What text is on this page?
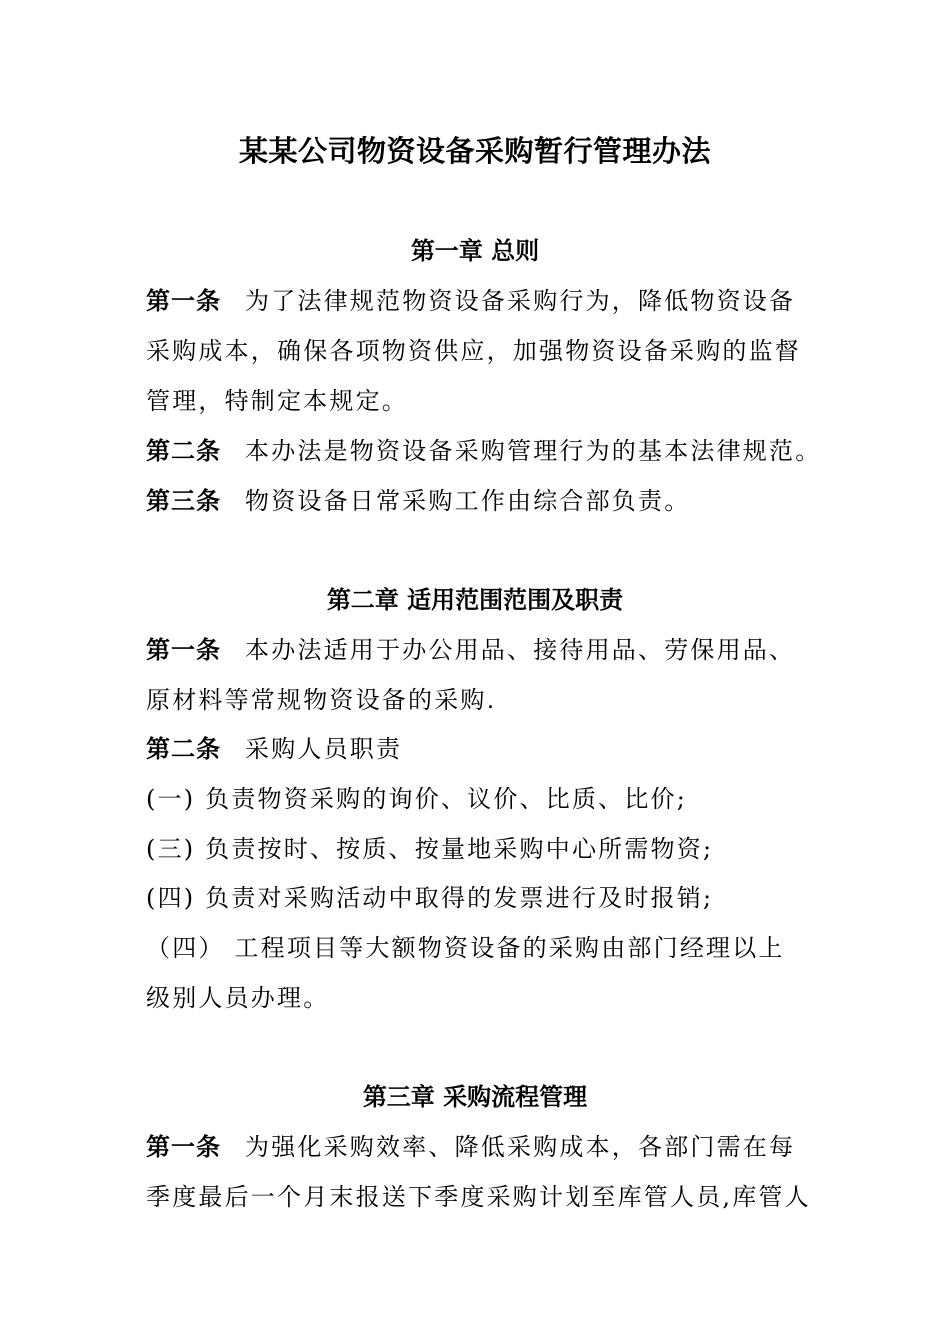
某某公司物资设备采购暂行管理办法
第一章 总则
第一条 为了法律规范物资设备采购行为，降低物资设备
采购成本，确保各项物资供应，加强物资设备采购的监督
管理，特制定本规定。
第二条 本办法是物资设备采购管理行为的基本法律规范。
第三条 物资设备日常采购工作由综合部负责。
第二章 适用范围范围及职责
第一条 本办法适用于办公用品、接待用品、劳保用品、
原材料等常规物资设备的采购.
第二条 采购人员职责
(一) 负责物资采购的询价、议价、比质、比价;
(三) 负责按时、按质、按量地采购中心所需物资;
(四) 负责对采购活动中取得的发票进行及时报销;
（四） 工程项目等大额物资设备的采购由部门经理以上
级别人员办理。
第三章 采购流程管理
第一条 为强化采购效率、降低采购成本，各部门需在每
季度最后一个月末报送下季度采购计划至库管人员,库管人
